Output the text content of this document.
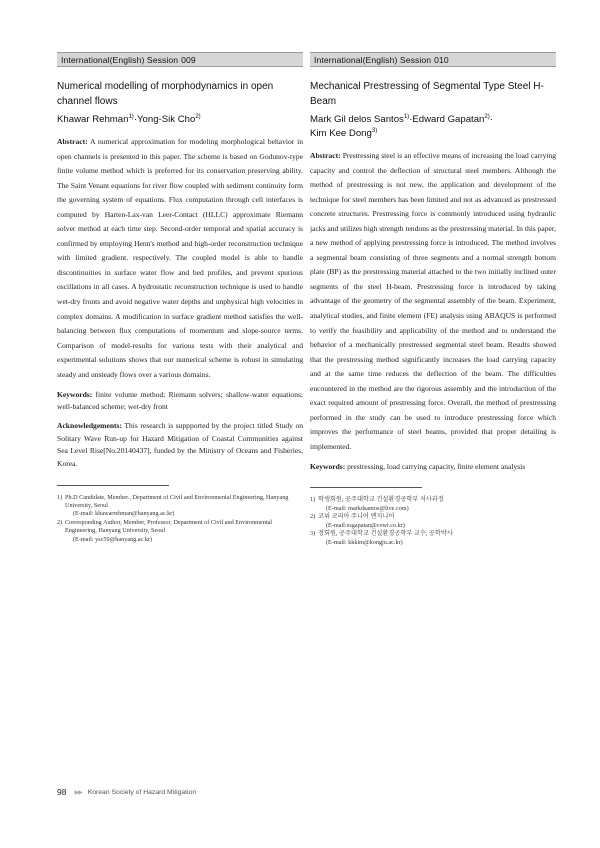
International(English) Session 009
Numerical modelling of morphodynamics in open channel flows
Khawar Rehman$^{1)}$·Yong-Sik Cho$^{2)}$
Abstract: A numerical approximation for modeling morphological behavior in open channels is presented in this paper. The scheme is based on Godunov-type finite volume method which is preferred for its conservation preserving ability. The Saint Venant equations for river flow coupled with sediment continuity form the governing system of equations. Flux computation through cell interfaces is computed by Harten-Lax-van Leer-Contact (HLLC) approximate Riemann solver method at each time step. Second-order temporal and spatial accuracy is confirmed by employing Henn's method and high-order reconstruction technique with limited gradient. respectively. The coupled model is able to handle discontinuities in surface water flow and bed profiles, and prevent spurious oscillations in all cases. A hydrostatic reconstruction technique is used to handle wet-dry fronts and avoid negative water depths and unphysical high velocities in complex domains. A modification in surface gradient method satisfies the well-balancing between flux computations of momentum and slope-source terms. Comparison of model-results for various tests with their analytical and experimental solutions shows that our numerical scheme is robust in simulating steady and unsteady flows over a various domains.
Keywords: finite volume method; Riemann solvers; shallow-water equations; well-balanced scheme; wet-dry front
Acknowledgements: This research is suppported by the project titled Study on Solitary Wave Run-up for Hazard Mitigation of Coastal Communities against Sea Level Rise[No.20140437], funded by the Ministry of Oceans and Fisheries, Korea.
1) Ph.D Candidate, Member., Department of Civil and Environmental Engineering, Hanyang University, Seoul
(E-mail: khawarrehman@hanyang.ac.kr)
2) Corresponding Author, Member, Professor, Department of Civil and Environmental Engineering, Hanyang University, Seoul
(E-mail: ysc59@hanyang.ac.kr)
International(English) Session 010
Mechanical Prestressing of Segmental Type Steel H-Beam
Mark Gil delos Santos$^{1)}$·Edward Gapatan$^{2)}$·
Kim Kee Dong$^{3)}$
Abstract: Prestressing steel is an effective means of increasing the load carrying capacity and control the deflection of structural steel members. Although the method of prestressing is not new, the application and development of the technique for steel members has been limited and not as advanced as prestressed concrete structures. Prestressing force is commonly introduced using hydraulic jacks and utilizes high strength tendons as the prestressing material. In this paper, a new method of applying prestressing force is introduced. The method involves a segmental beam consisting of three segments and a normal strength bottom plate (BP) as the prestressing material attached to the two initially inclined outer segments of the steel H-beam. Prestressing force is introduced by taking advantage of the geometry of the segmental assembly of the beam. Experiment, analytical studies, and finite element (FE) analysis using ABAQUS is performed to verify the feasibility and applicability of the method and to understand the behavior of a mechanically prestressed segmental steel beam. Results showed that the prestressing method significantly increases the load carrying capacity and at the same time reduces the deflection of the beam. The difficulties encountered in the method are the rigorous assembly and the introduction of the exact required amount of prestressing force. Overall, the method of prestressing performed in the study can be used to introduce prestressing force which improves the performance of steel beams, provided that proper detailing is implemented.
Keywords: prestressing, load carrying capacity, finite element analysis
1) 학생회원, 공주대학교 건설환경공학부 석사과정
(E-mail: markdsantos@live.com)
2) 코위 코리아 주니어 엔지니어
(E-mail:esgapatan@cowi.co.kr)
3) 정회원, 공주대학교 건설환경공학부 교수, 공학박사
(E-mail: kkkim@kongju.ac.kr)
98 ▶▶ Korean Society of Hazard Mitigation
